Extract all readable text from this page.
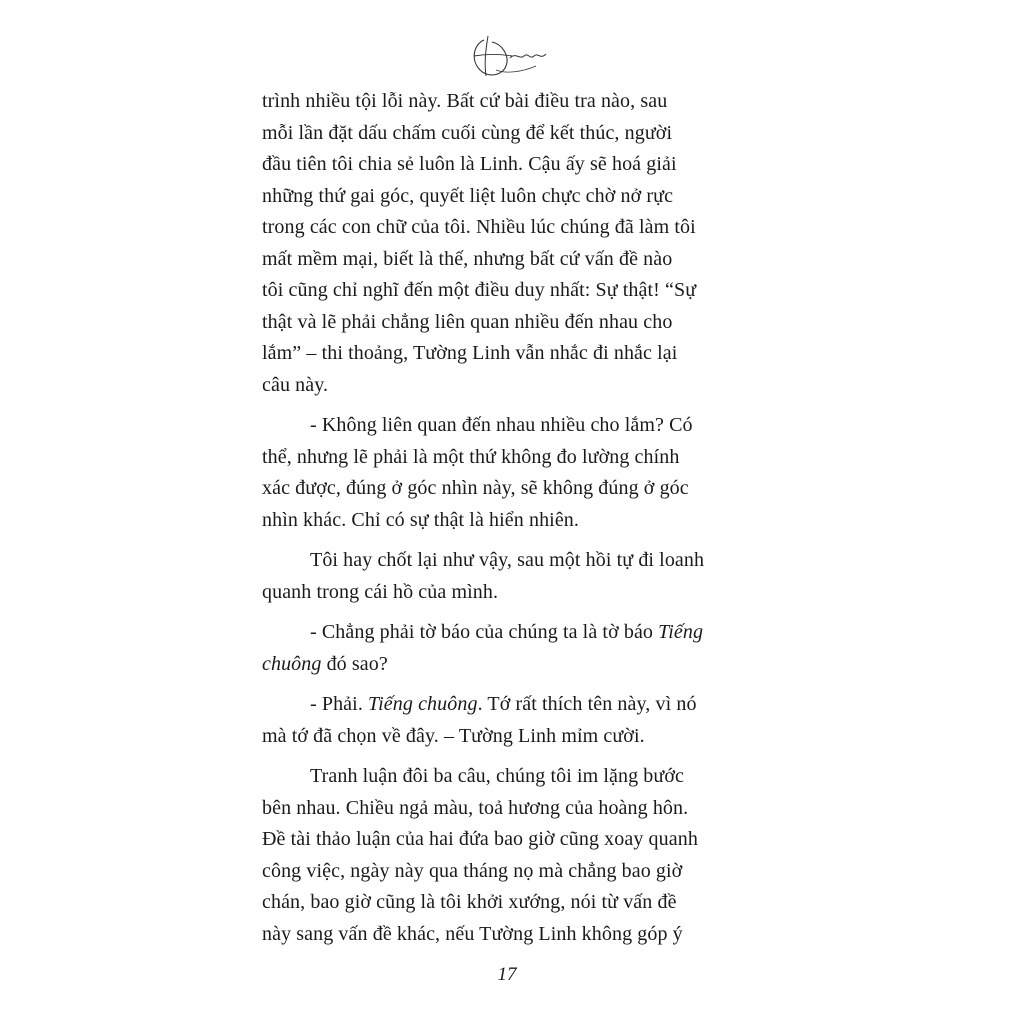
trình nhiều tội lỗi này. Bất cứ bài điều tra nào, sau
mỗi lần đặt dấu chấm cuối cùng để kết thúc, người
đầu tiên tôi chia sẻ luôn là Linh. Cậu ấy sẽ hoá giải
những thứ gai góc, quyết liệt luôn chực chờ nở rực
trong các con chữ của tôi. Nhiều lúc chúng đã làm tôi
mất mềm mại, biết là thế, nhưng bất cứ vấn đề nào
tôi cũng chỉ nghĩ đến một điều duy nhất: Sự thật! “Sự
thật và lẽ phải chẳng liên quan nhiều đến nhau cho
lắm” – thi thoảng, Tường Linh vẫn nhắc đi nhắc lại
câu này.

- Không liên quan đến nhau nhiều cho lắm? Có
thể, nhưng lẽ phải là một thứ không đo lường chính
xác được, đúng ở góc nhìn này, sẽ không đúng ở góc
nhìn khác. Chỉ có sự thật là hiển nhiên.

Tôi hay chốt lại như vậy, sau một hồi tự đi loanh
quanh trong cái hồ của mình.

- Chẳng phải tờ báo của chúng ta là tờ báo Tiếng
chuông đó sao?

- Phải. Tiếng chuông. Tớ rất thích tên này, vì nó
mà tớ đã chọn về đây. – Tường Linh mỉm cười.

Tranh luận đôi ba câu, chúng tôi im lặng bước
bên nhau. Chiều ngả màu, toả hương của hoàng hôn.
Đề tài thảo luận của hai đứa bao giờ cũng xoay quanh
công việc, ngày này qua tháng nọ mà chẳng bao giờ
chán, bao giờ cũng là tôi khởi xướng, nói từ vấn đề
này sang vấn đề khác, nếu Tường Linh không góp ý

17
